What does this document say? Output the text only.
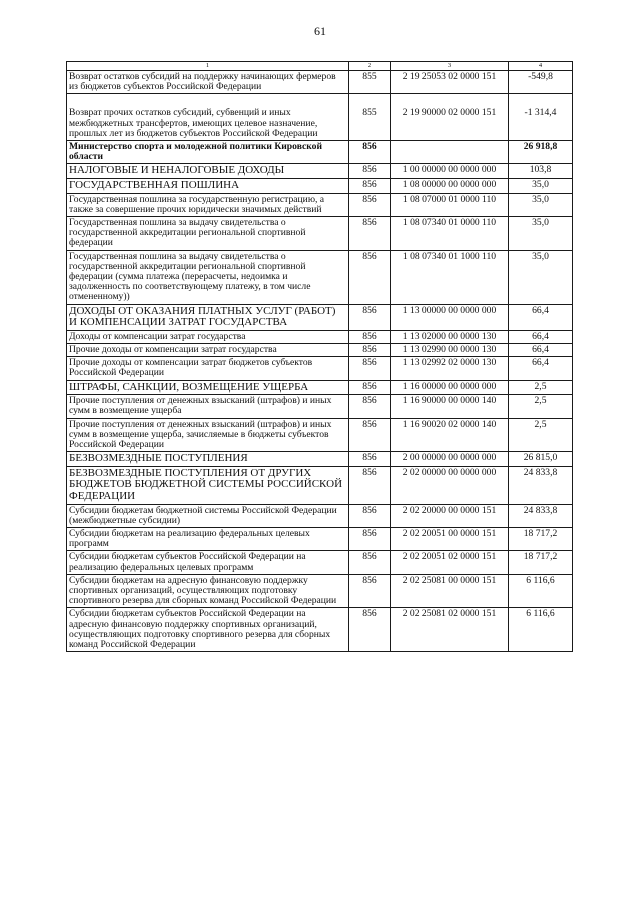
61
1	2	3	4
Возврат остатков субсидий на поддержку начинающих фермеров из бюджетов субъектов Российской Федерации	855	2 19 25053 02 0000 151	-549,8
Возврат прочих остатков субсидий, субвенций и иных межбюджетных трансфертов, имеющих целевое назначение, прошлых лет из бюджетов субъектов Российской Федерации	855	2 19 90000 02 0000 151	-1 314,4
Министерство спорта и молодежной политики Кировской области	856		26 918,8
НАЛОГОВЫЕ И НЕНАЛОГОВЫЕ ДОХОДЫ	856	1 00 00000 00 0000 000	103,8
ГОСУДАРСТВЕННАЯ ПОШЛИНА	856	1 08 00000 00 0000 000	35,0
Государственная пошлина за государственную регистрацию, а также за совершение прочих юридически значимых действий	856	1 08 07000 01 0000 110	35,0
Государственная пошлина за выдачу свидетельства о государственной аккредитации региональной спортивной федерации	856	1 08 07340 01 0000 110	35,0
Государственная пошлина за выдачу свидетельства о государственной аккредитации региональной спортивной федерации (сумма платежа (перерасчеты, недоимка и задолженность по соответствующему платежу, в том числе отмененному))	856	1 08 07340 01 1000 110	35,0
ДОХОДЫ ОТ ОКАЗАНИЯ ПЛАТНЫХ УСЛУГ (РАБОТ) И КОМПЕНСАЦИИ ЗАТРАТ ГОСУДАРСТВА	856	1 13 00000 00 0000 000	66,4
Доходы от компенсации затрат государства	856	1 13 02000 00 0000 130	66,4
Прочие доходы от компенсации затрат государства	856	1 13 02990 00 0000 130	66,4
Прочие доходы от компенсации затрат бюджетов субъектов Российской Федерации	856	1 13 02992 02 0000 130	66,4
ШТРАФЫ, САНКЦИИ, ВОЗМЕЩЕНИЕ УЩЕРБА	856	1 16 00000 00 0000 000	2,5
Прочие поступления от денежных взысканий (штрафов) и иных сумм в возмещение ущерба	856	1 16 90000 00 0000 140	2,5
Прочие поступления от денежных взысканий (штрафов) и иных сумм в возмещение ущерба, зачисляемые в бюджеты субъектов Российской Федерации	856	1 16 90020 02 0000 140	2,5
БЕЗВОЗМЕЗДНЫЕ ПОСТУПЛЕНИЯ	856	2 00 00000 00 0000 000	26 815,0
БЕЗВОЗМЕЗДНЫЕ ПОСТУПЛЕНИЯ ОТ ДРУГИХ БЮДЖЕТОВ БЮДЖЕТНОЙ СИСТЕМЫ РОССИЙСКОЙ ФЕДЕРАЦИИ	856	2 02 00000 00 0000 000	24 833,8
Субсидии бюджетам бюджетной системы Российской Федерации (межбюджетные субсидии)	856	2 02 20000 00 0000 151	24 833,8
Субсидии бюджетам на реализацию федеральных целевых программ	856	2 02 20051 00 0000 151	18 717,2
Субсидии бюджетам субъектов Российской Федерации на реализацию федеральных целевых программ	856	2 02 20051 02 0000 151	18 717,2
Субсидии бюджетам на адресную финансовую поддержку спортивных организаций, осуществляющих подготовку спортивного резерва для сборных команд Российской Федерации	856	2 02 25081 00 0000 151	6 116,6
Субсидии бюджетам субъектов Российской Федерации на адресную финансовую поддержку спортивных организаций, осуществляющих подготовку спортивного резерва для сборных команд Российской Федерации	856	2 02 25081 02 0000 151	6 116,6
